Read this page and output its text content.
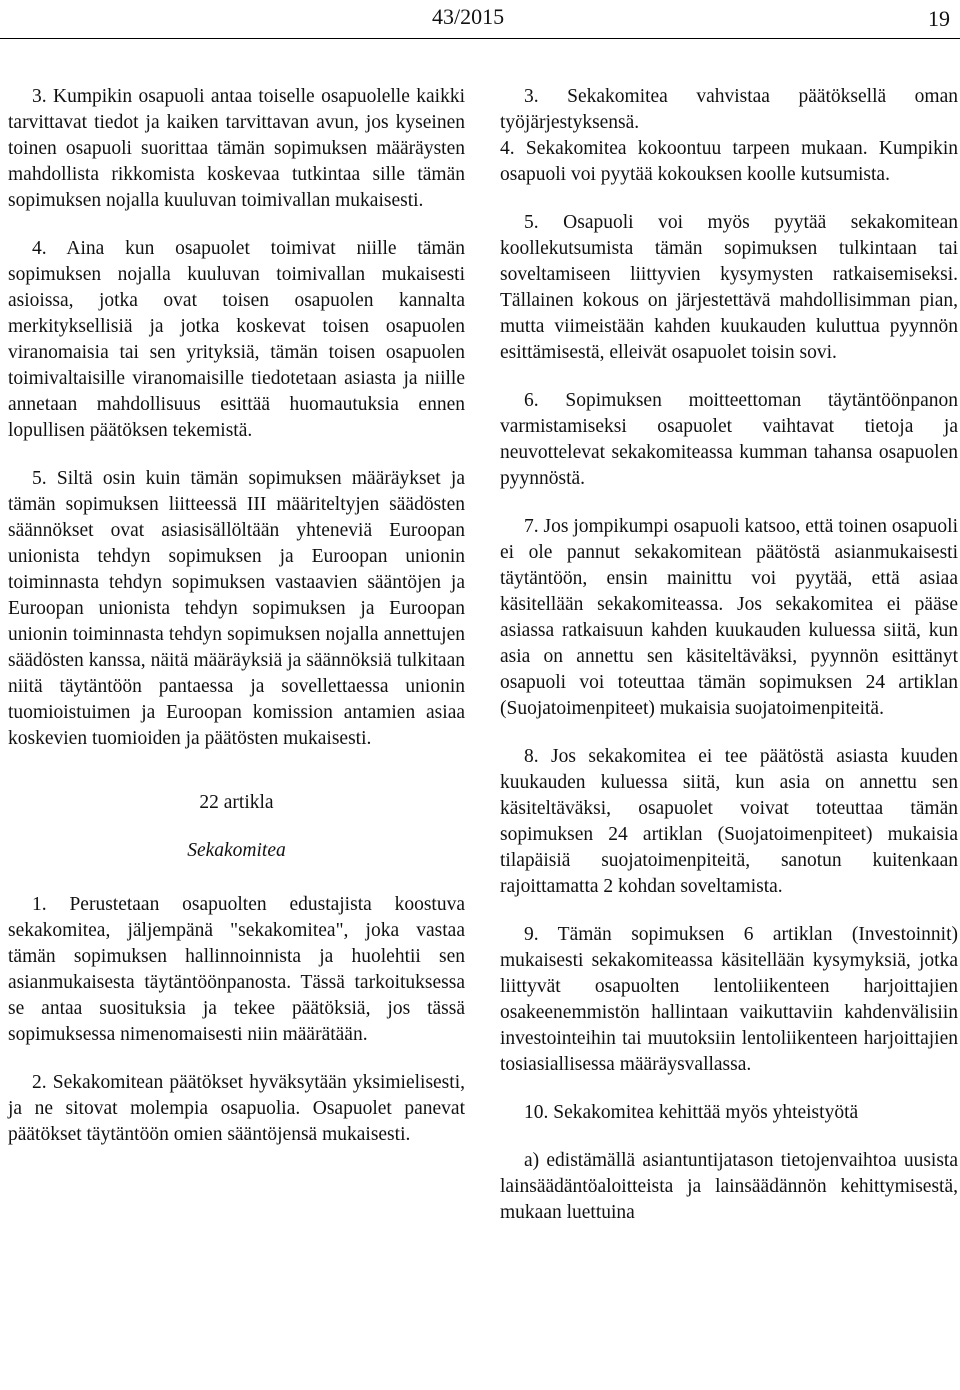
43/2015	19

3. Kumpikin osapuoli antaa toiselle osapuolelle kaikki tarvittavat tiedot ja kaiken tarvittavan avun, jos kyseinen toinen osapuoli suorittaa tämän sopimuksen määräysten mahdollista rikkomista koskevaa tutkintaa sille tämän sopimuksen nojalla kuuluvan toimivallan mukaisesti.

4. Aina kun osapuolet toimivat niille tämän sopimuksen nojalla kuuluvan toimivallan mukaisesti asioissa, jotka ovat toisen osapuolen kannalta merkityksellisiä ja jotka koskevat toisen osapuolen viranomaisia tai sen yrityksiä, tämän toisen osapuolen toimivaltaisille viranomaisille tiedotetaan asiasta ja niille annetaan mahdollisuus esittää huomautuksia ennen lopullisen päätöksen tekemistä.

5. Siltä osin kuin tämän sopimuksen määräykset ja tämän sopimuksen liitteessä III määriteltyjen säädösten säännökset ovat asiasisällöltään yhteneviä Euroopan unionista tehdyn sopimuksen ja Euroopan unionin toiminnasta tehdyn sopimuksen vastaavien sääntöjen ja Euroopan unionista tehdyn sopimuksen ja Euroopan unionin toiminnasta tehdyn sopimuksen nojalla annettujen säädösten kanssa, näitä määräyksiä ja säännöksiä tulkitaan niitä täytäntöön pantaessa ja sovellettaessa unionin tuomioistuimen ja Euroopan komission antamien asiaa koskevien tuomioiden ja päätösten mukaisesti.

22 artikla
Sekakomitea

1. Perustetaan osapuolten edustajista koostuva sekakomitea, jäljempänä "sekakomitea", joka vastaa tämän sopimuksen hallinnoinnista ja huolehtii sen asianmukaisesta täytäntöönpanosta. Tässä tarkoituksessa se antaa suosituksia ja tekee päätöksiä, jos tässä sopimuksessa nimenomaisesti niin määrätään.

2. Sekakomitean päätökset hyväksytään yksimielisesti, ja ne sitovat molempia osapuolia. Osapuolet panevat päätökset täytäntöön omien sääntöjensä mukaisesti.

3. Sekakomitea vahvistaa päätöksellä oman työjärjestyksensä.
4. Sekakomitea kokoontuu tarpeen mukaan. Kumpikin osapuoli voi pyytää kokouksen koolle kutsumista.

5. Osapuoli voi myös pyytää sekakomitean koollekutsumista tämän sopimuksen tulkintaan tai soveltamiseen liittyvien kysymysten ratkaisemiseksi. Tällainen kokous on järjestettävä mahdollisimman pian, mutta viimeistään kahden kuukauden kuluttua pyynnön esittämisestä, elleivät osapuolet toisin sovi.

6. Sopimuksen moitteettoman täytäntöönpanon varmistamiseksi osapuolet vaihtavat tietoja ja neuvottelevat sekakomiteassa kumman tahansa osapuolen pyynnöstä.

7. Jos jompikumpi osapuoli katsoo, että toinen osapuoli ei ole pannut sekakomitean päätöstä asianmukaisesti täytäntöön, ensin mainittu voi pyytää, että asiaa käsitellään sekakomiteassa. Jos sekakomitea ei pääse asiassa ratkaisuun kahden kuukauden kuluessa siitä, kun asia on annettu sen käsiteltäväksi, pyynnön esittänyt osapuoli voi toteuttaa tämän sopimuksen 24 artiklan (Suojatoimenpiteet) mukaisia suojatoimenpiteitä.

8. Jos sekakomitea ei tee päätöstä asiasta kuuden kuukauden kuluessa siitä, kun asia on annettu sen käsiteltäväksi, osapuolet voivat toteuttaa tämän sopimuksen 24 artiklan (Suojatoimenpiteet) mukaisia tilapäisiä suojatoimenpiteitä, sanotun kuitenkaan rajoittamatta 2 kohdan soveltamista.

9. Tämän sopimuksen 6 artiklan (Investoinnit) mukaisesti sekakomiteassa käsitellään kysymyksiä, jotka liittyvät osapuolten lentoliikenteen harjoittajien osakeenemmistön hallintaan vaikuttaviin kahdenvälisiin investointeihin tai muutoksiin lentoliikenteen harjoittajien tosiasiallisessa määräysvallassa.

10. Sekakomitea kehittää myös yhteistyötä

a) edistämällä asiantuntijatason tietojenvaihtoa uusista lainsäädäntöaloitteista ja lainsäädännön kehittymisestä, mukaan luettuina
